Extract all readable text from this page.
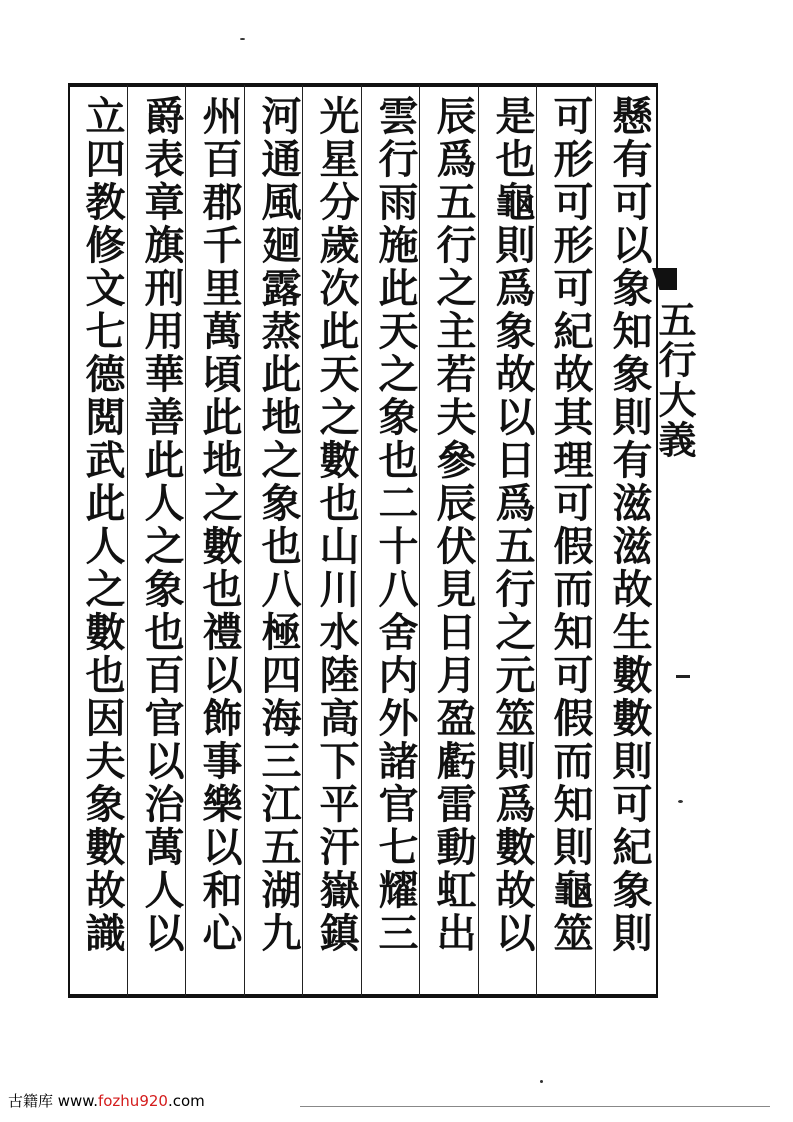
懸有可以象知象則有滋滋故生數數則可紀象則
可形可形可紀故其理可假而知可假而知則龜筮
是也龜則爲象故以日爲五行之元筮則爲數故以
辰爲五行之主若夫參辰伏見日月盈虧雷動虹出
雲行雨施此天之象也二十八舍内外諸官七耀三
光星分歲次此天之數也山川水陸高下平汗嶽鎮
河通風廻露蒸此地之象也八極四海三江五湖九
州百郡千里萬頃此地之數也禮以飾事樂以和心
爵表章旗刑用華善此人之象也百官以治萬人以
立四教修文七德閲武此人之數也因夫象數故識	五行大義
古籍库 www.fozhu920.com
